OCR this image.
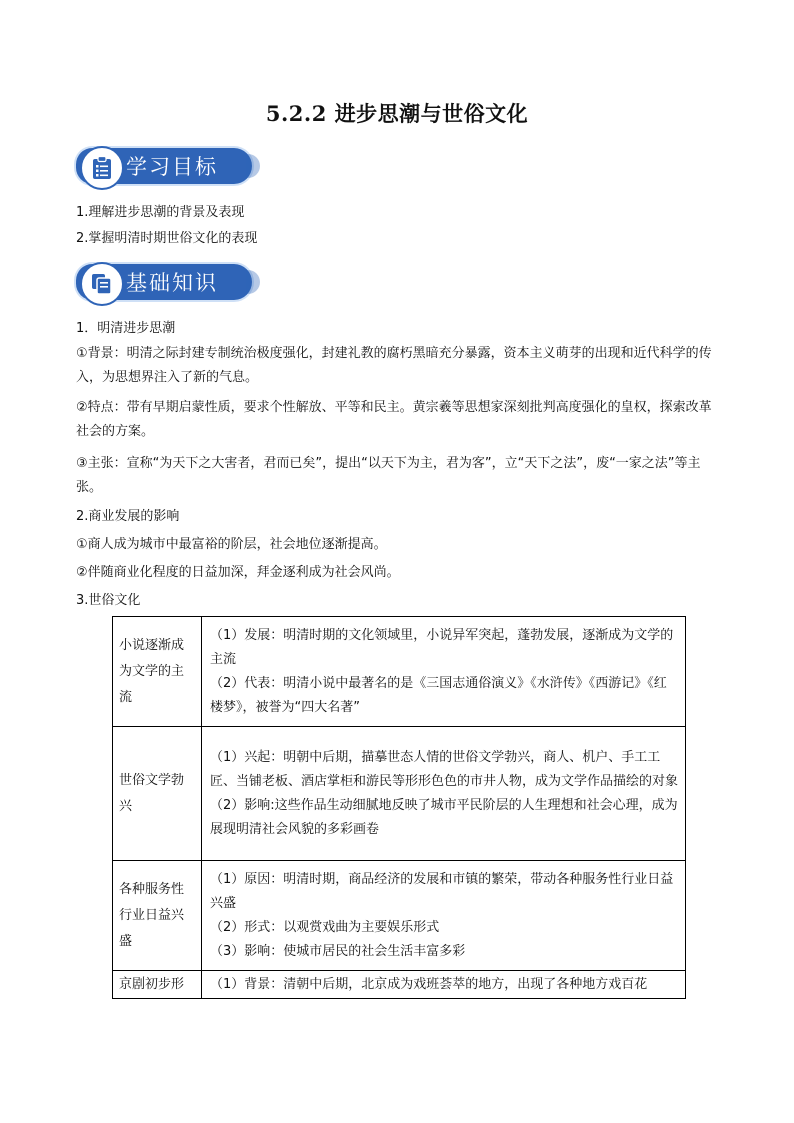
5.2.2 进步思潮与世俗文化
学习目标
1.理解进步思潮的背景及表现
2.掌握明清时期世俗文化的表现
基础知识
1．明清进步思潮
①背景：明清之际封建专制统治极度强化，封建礼教的腐朽黑暗充分暴露，资本主义萌芽的出现和近代科学的传入，为思想界注入了新的气息。
②特点：带有早期启蒙性质，要求个性解放、平等和民主。黄宗羲等思想家深刻批判高度强化的皇权，探索改革社会的方案。
③主张：宣称“为天下之大害者，君而已矣”，提出“以天下为主，君为客”，立“天下之法”，废“一家之法”等主张。
2.商业发展的影响
①商人成为城市中最富裕的阶层，社会地位逐渐提高。
②伴随商业化程度的日益加深，拜金逐利成为社会风尚。
3.世俗文化
小说逐渐成为文学的主流	（1）发展：明清时期的文化领域里，小说异军突起，蓬勃发展，逐渐成为文学的主流

（2）代表：明清小说中最著名的是《三国志通俗演义》《水浒传》《西游记》《红楼梦》，被誉为“四大名著”

世俗文学勃兴	（1）兴起：明朝中后期，描摹世态人情的世俗文学勃兴，商人、机户、手工工匠、当铺老板、酒店掌柜和游民等形形色色的市井人物，成为文学作品描绘的对象

（2）影响:这些作品生动细腻地反映了城市平民阶层的人生理想和社会心理，成为展现明清社会风貌的多彩画卷

各种服务性行业日益兴盛	（1）原因：明清时期，商品经济的发展和市镇的繁荣，带动各种服务性行业日益兴盛

（2）形式：以观赏戏曲为主要娱乐形式

（3）影响：使城市居民的社会生活丰富多彩

京剧初步形	（1）背景：清朝中后期，北京成为戏班荟萃的地方，出现了各种地方戏百花
